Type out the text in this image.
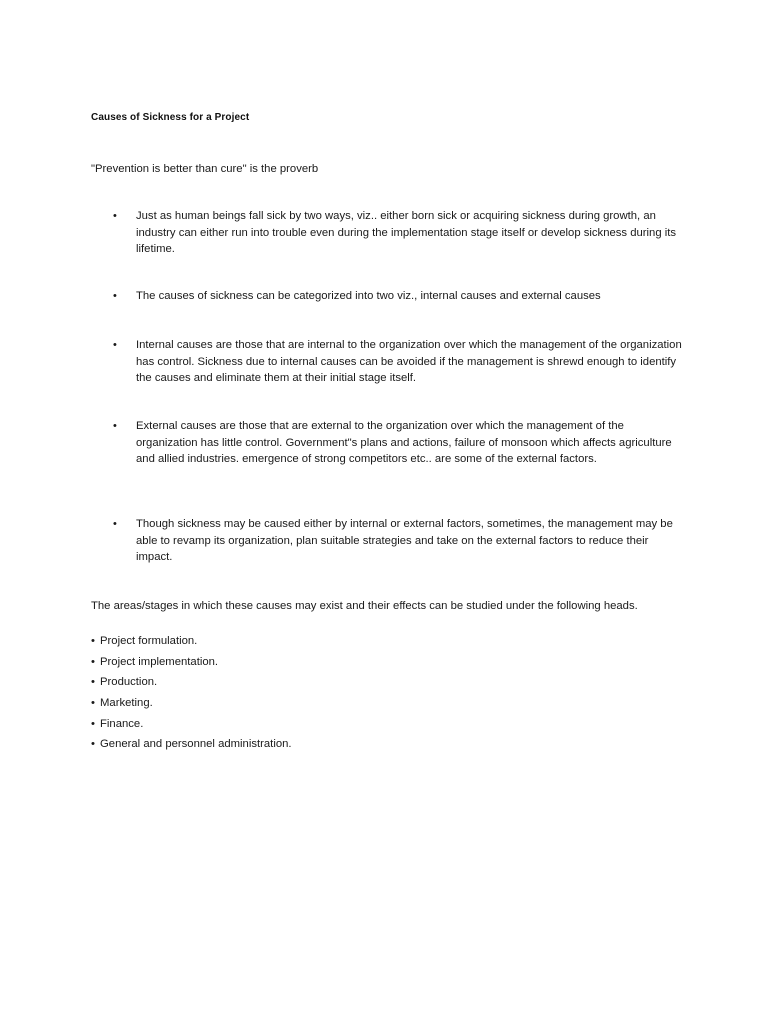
Causes of Sickness for a Project
"Prevention is better than cure" is the proverb
•	Just as human beings fall sick by two ways, viz.. either born sick or acquiring sickness during growth, an industry can either run into trouble even during the implementation stage itself or develop sickness during its lifetime.
•	The causes of sickness can be categorized into two viz., internal causes and external causes
•	Internal causes are those that are internal to the organization over which the management of the organization has control. Sickness due to internal causes can be avoided if the management is shrewd enough to identify the causes and eliminate them at their initial stage itself.
•	External causes are those that are external to the organization over which the management of the organization has little control. Government"s plans and actions, failure of monsoon which affects agriculture and allied industries. emergence of strong competitors etc.. are some of the external factors.
•	Though sickness may be caused either by internal or external factors, sometimes, the management may be able to revamp its organization, plan suitable strategies and take on the external factors to reduce their impact.
The areas/stages in which these causes may exist and their effects can be studied under the following heads.
• Project formulation.
• Project implementation.
• Production.
• Marketing.
• Finance.
• General and personnel administration.
